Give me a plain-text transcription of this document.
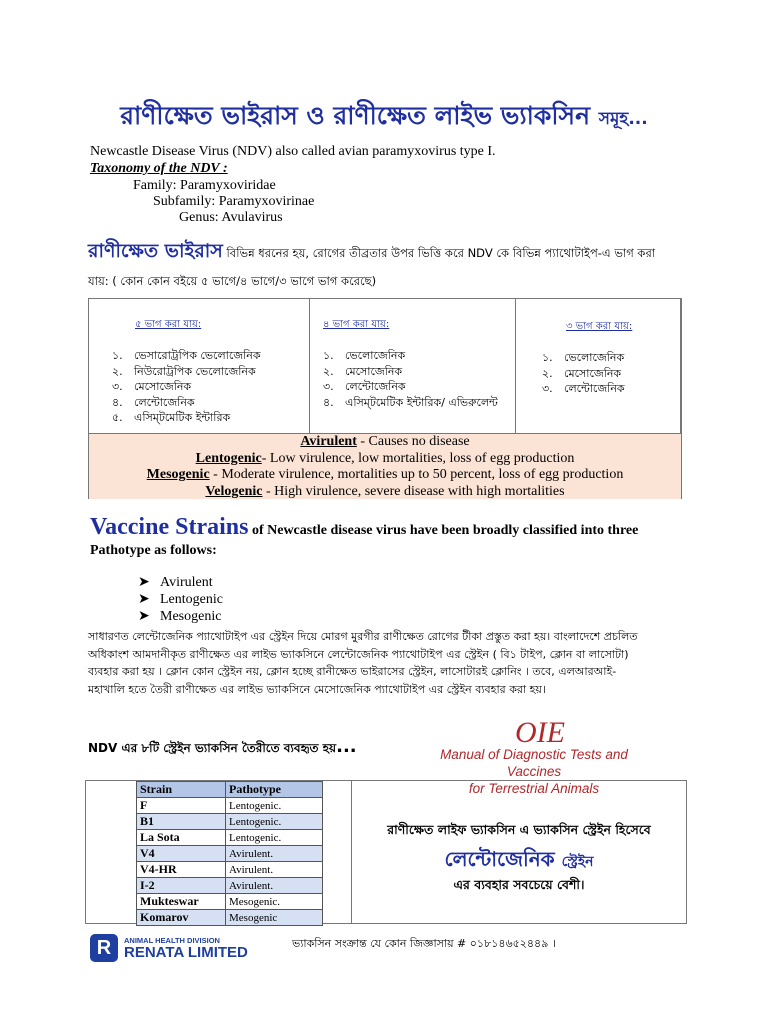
রাণীক্ষেত ভাইরাস ও রাণীক্ষেত লাইভ ভ্যাকসিন সমূহ...
Newcastle Disease Virus (NDV) also called avian paramyxovirus type I.
Taxonomy of the NDV :
Family: Paramyxoviridae
Subfamily: Paramyxovirinae
Genus: Avulavirus
রাণীক্ষেত ভাইরাস বিভিন্ন ধরনের হয়, রোগের তীব্রতার উপর ভিত্তি করে NDV কে বিভিন্ন প্যাথোটাইপ-এ ভাগ করা
যায়: ( কোন কোন বইয়ে ৫ ভাগে/৪ ভাগে/৩ ভাগে ভাগ করেছে)
৫ ভাগ করা যায়:
১. ভেসারোট্রপিক ভেলোজেনিক
২. নিউরোট্রপিক ভেলোজেনিক
৩. মেসোজেনিক
৪. লেন্টোজেনিক
৫. এসিম্টমেটিক ইন্টারিক
৪ ভাগ করা যায়:
১. ভেলোজেনিক
২. মেসোজেনিক
৩. লেন্টোজেনিক
৪. এসিম্টমেটিক ইন্টারিক/ এভিরুলেন্ট
৩ ভাগ করা যায়:
১. ভেলোজেনিক
২. মেসোজেনিক
৩. লেন্টোজেনিক
Avirulent - Causes no disease
Lentogenic- Low virulence, low mortalities, loss of egg production
Mesogenic - Moderate virulence, mortalities up to 50 percent, loss of egg production
Velogenic - High virulence, severe disease with high mortalities
Vaccine Strains of Newcastle disease virus have been broadly classified into three
Pathotype as follows:
➤ Avirulent
➤ Lentogenic
➤ Mesogenic
সাধারণত লেন্টোজেনিক প্যাথোটাইপ এর স্ট্রেইন দিয়ে মোরগ মুরগীর রাণীক্ষেত রোগের টীকা প্রস্তুত করা হয়। বাংলাদেশে প্রচলিত
অধিকাংশ আমদানীকৃত রাণীক্ষেত এর লাইভ ভ্যাকসিনে লেন্টোজেনিক প্যাথোটাইপ এর স্ট্রেইন ( বি১ টাইপ, ক্লোন বা লাসোটা)
ব্যবহার করা হয় । ক্লোন কোন স্ট্রেইন নয়, ক্লোন হচ্ছে রানীক্ষেত ভাইরাসের স্ট্রেইন, লাসোটারই ক্লোনিং । তবে, এলআরআই-
মহাখালি হতে তৈরী রাণীক্ষেত এর লাইভ ভ্যাকসিনে মেসোজেনিক প্যাথোটাইপ এর স্ট্রেইন ব্যবহার করা হয়।
NDV এর ৮টি স্ট্রেইন ভ্যাকসিন তৈরীতে ব্যবহৃত হয়...	OIE
Manual of Diagnostic Tests and Vaccines
for Terrestrial Animals
Strain	Pathotype
F	Lentogenic.
B1	Lentogenic.
La Sota	Lentogenic.
V4	Avirulent.
V4-HR	Avirulent.
I-2	Avirulent.
Mukteswar	Mesogenic.
Komarov	Mesogenic
রাণীক্ষেত লাইফ ভ্যাকসিন এ ভ্যাকসিন স্ট্রেইন হিসেবে
লেন্টোজেনিক স্ট্রেইন
এর ব্যবহার সবচেয়ে বেশী।
R	ANIMAL HEALTH DIVISION
RENATA LIMITED
ভ্যাকসিন সংক্রান্ত যে কোন জিজ্ঞাসায় # ০১৮১৪৬৫২৪৪৯ ।
